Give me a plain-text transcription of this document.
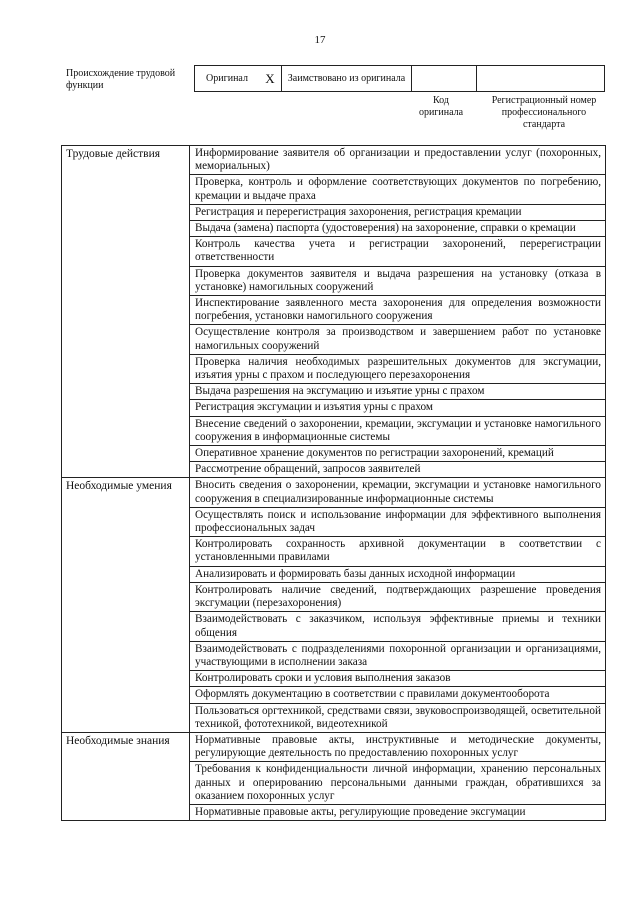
17
Происхождение трудовой функции
Оригинал	X	Заимствовано из оригинала		
Код оригинала
Регистрационный номер профессионального стандарта
Трудовые действия	Информирование заявителя об организации и предоставлении услуг (похоронных, мемориальных)
	Проверка, контроль и оформление соответствующих документов по погребению, кремации и выдаче праха
	Регистрация и перерегистрация захоронения, регистрация кремации
	Выдача (замена) паспорта (удостоверения) на захоронение, справки о кремации
	Контроль качества учета и регистрации захоронений, перерегистрации ответственности
	Проверка документов заявителя и выдача разрешения на установку (отказа в установке) намогильных сооружений
	Инспектирование заявленного места захоронения для определения возможности погребения, установки намогильного сооружения
	Осуществление контроля за производством и завершением работ по установке намогильных сооружений
	Проверка наличия необходимых разрешительных документов для эксгумации, изъятия урны с прахом и последующего перезахоронения
	Выдача разрешения на эксгумацию и изъятие урны с прахом
	Регистрация эксгумации и изъятия урны с прахом
	Внесение сведений о захоронении, кремации, эксгумации и установке намогильного сооружения в информационные системы
	Оперативное хранение документов по регистрации захоронений, кремаций
	Рассмотрение обращений, запросов заявителей
Необходимые умения	Вносить сведения о захоронении, кремации, эксгумации и установке намогильного сооружения в специализированные информационные системы
	Осуществлять поиск и использование информации для эффективного выполнения профессиональных задач
	Контролировать сохранность архивной документации в соответствии с установленными правилами
	Анализировать и формировать базы данных исходной информации
	Контролировать наличие сведений, подтверждающих разрешение проведения эксгумации (перезахоронения)
	Взаимодействовать с заказчиком, используя эффективные приемы и техники общения
	Взаимодействовать с подразделениями похоронной организации и организациями, участвующими в исполнении заказа
	Контролировать сроки и условия выполнения заказов
	Оформлять документацию в соответствии с правилами документооборота
	Пользоваться оргтехникой, средствами связи, звуковоспроизводящей, осветительной техникой, фототехникой, видеотехникой
Необходимые знания	Нормативные правовые акты, инструктивные и методические документы, регулирующие деятельность по предоставлению похоронных услуг
	Требования к конфиденциальности личной информации, хранению персональных данных и оперированию персональными данными граждан, обратившихся за оказанием похоронных услуг
	Нормативные правовые акты, регулирующие проведение эксгумации
